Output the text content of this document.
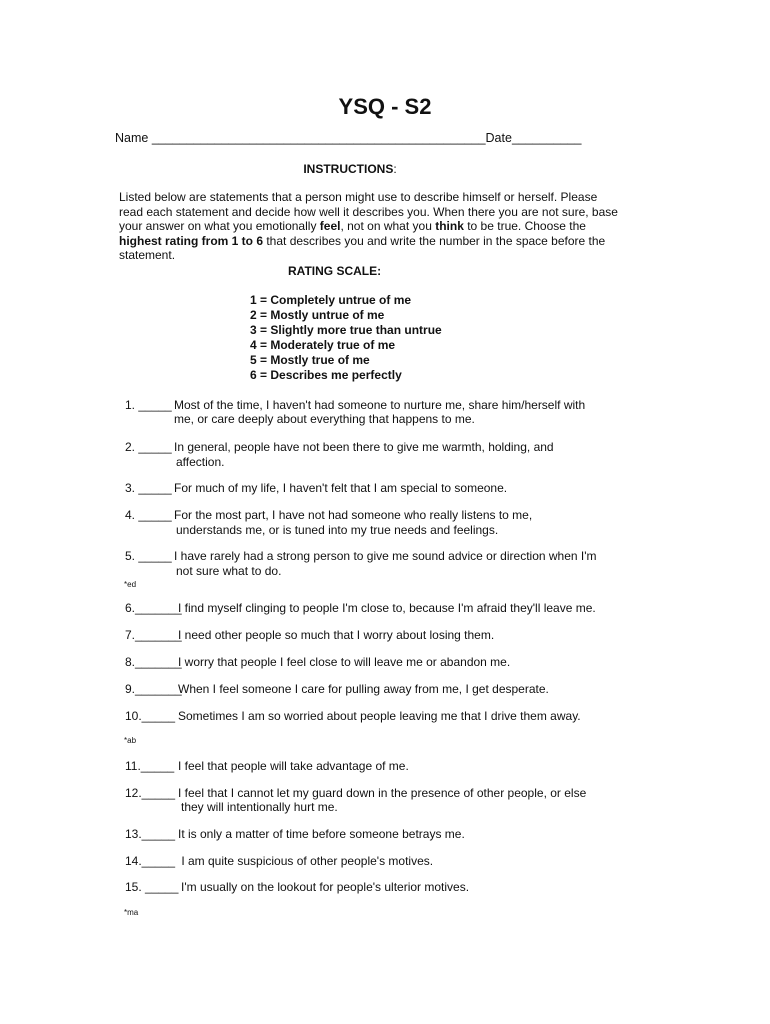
YSQ - S2
Name ________________________________________________Date__________
INSTRUCTIONS:
Listed below are statements that a person might use to describe himself or herself. Please read each statement and decide how well it describes you. When there you are not sure, base your answer on what you emotionally feel, not on what you think to be true. Choose the highest rating from 1 to 6 that describes you and write the number in the space before the statement.
RATING SCALE:
1 = Completely untrue of me
2 = Mostly untrue of me
3 = Slightly more true than untrue
4 = Moderately true of me
5 = Mostly true of me
6 = Describes me perfectly
1. _____ Most of the time, I haven't had someone to nurture me, share him/herself with
me, or care deeply about everything that happens to me.
2. _____ In general, people have not been there to give me warmth, holding, and
affection.
3. _____ For much of my life, I haven't felt that I am special to someone.
4. _____ For the most part, I have not had someone who really listens to me,
understands me, or is tuned into my true needs and feelings.
5. _____ I have rarely had a strong person to give me sound advice or direction when I'm
not sure what to do.
*ed
6._______
I find myself clinging to people I'm close to, because I'm afraid they'll leave me.
7._______
I need other people so much that I worry about losing them.
8._______
I worry that people I feel close to will leave me or abandon me.
9._______
When I feel someone I care for pulling away from me, I get desperate.
10._____ Sometimes I am so worried about people leaving me that I drive them away.
*ab
11._____ I feel that people will take advantage of me.
12._____ I feel that I cannot let my guard down in the presence of other people, or else
they will intentionally hurt me.
13._____ It is only a matter of time before someone betrays me.
14._____ I am quite suspicious of other people's motives.
15. _____ I'm usually on the lookout for people's ulterior motives.
*ma
